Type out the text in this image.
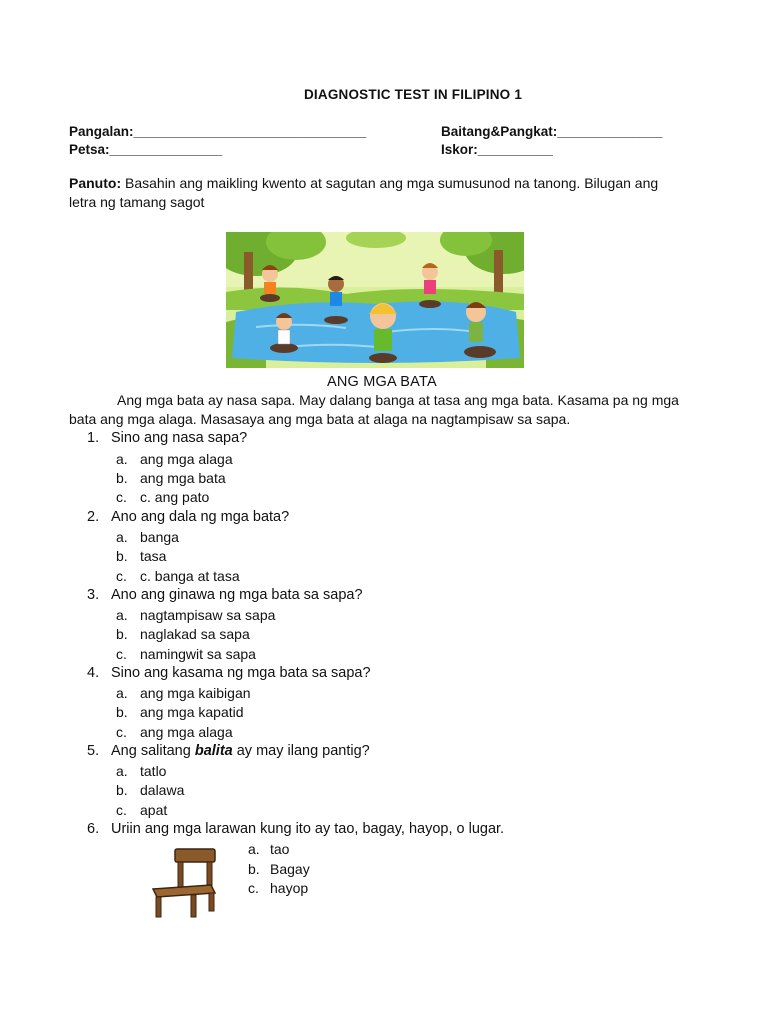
DIAGNOSTIC TEST IN FILIPINO 1
Pangalan:_______________________________	Baitang&Pangkat:______________
Petsa:_______________	Iskor:__________
Panuto: Basahin ang maikling kwento at sagutan ang mga sumusunod na tanong. Bilugan ang letra ng tamang sagot
ANG MGA BATA
Ang mga bata ay nasa sapa. May dalang banga at tasa ang mga bata. Kasama pa ng mga bata ang mga alaga. Masasaya ang mga bata at alaga na nagtampisaw sa sapa.
1. Sino ang nasa sapa?
a. ang mga alaga
b. ang mga bata
c. c. ang pato
2. Ano ang dala ng mga bata?
a. banga
b. tasa
c. c. banga at tasa
3. Ano ang ginawa ng mga bata sa sapa?
a. nagtampisaw sa sapa
b. naglakad sa sapa
c. namingwit sa sapa
4. Sino ang kasama ng mga bata sa sapa?
a. ang mga kaibigan
b. ang mga kapatid
c. ang mga alaga
5. Ang salitang balita ay may ilang pantig?
a. tatlo
b. dalawa
c. apat
6. Uriin ang mga larawan kung ito ay tao, bagay, hayop, o lugar.
a. tao
b. Bagay
c. hayop
